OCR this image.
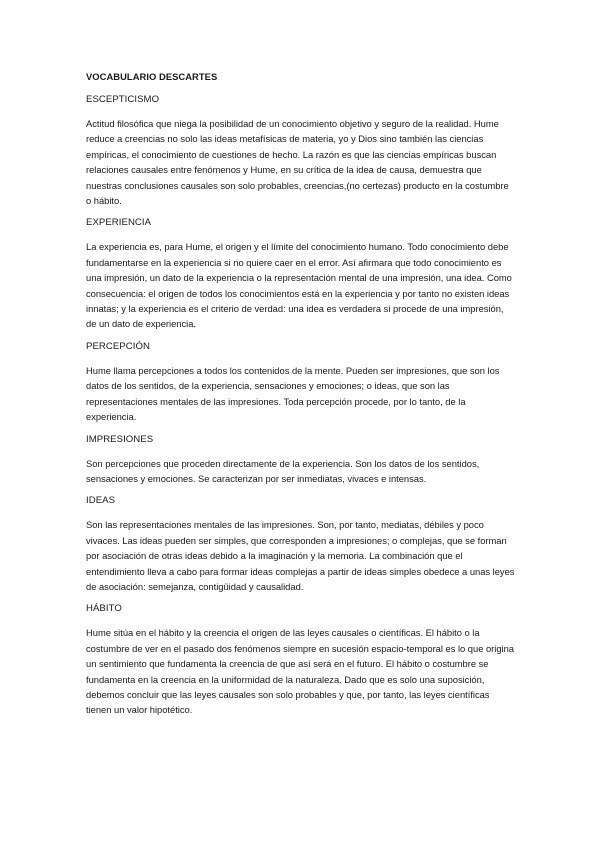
VOCABULARIO DESCARTES
ESCEPTICISMO
Actitud filosófica que niega la posibilidad de un conocimiento objetivo y seguro de la realidad. Hume reduce a creencias no solo las ideas metafísicas de materia, yo y Dios sino también las ciencias empíricas, el conocimiento de cuestiones de hecho. La razón es que las ciencias empíricas buscan relaciones causales entre fenómenos y Hume, en su crítica de la idea de causa, demuestra que nuestras conclusiones causales son solo probables, creencias,(no certezas) producto en la costumbre o hábito.
EXPERIENCIA
La experiencia es, para Hume, el origen y el límite del conocimiento humano. Todo conocimiento debe fundamentarse en la experiencia si no quiere caer en el error. Así afirmara que todo conocimiento es una impresión, un dato de la experiencia o la representación mental de una impresión, una idea. Como consecuencia: el origen de todos los conocimientos está en la experiencia y por tanto no existen ideas innatas; y la experiencia es el criterio de verdad: una idea es verdadera si procede de una impresión, de un dato de experiencia.
PERCEPCIÓN
Hume llama percepciones a todos los contenidos de la mente. Pueden ser impresiones, que son los datos de los sentidos, de la experiencia, sensaciones y emociones; o ideas, que son las representaciones mentales de las impresiones. Toda percepción procede, por lo tanto, de la experiencia.
IMPRESIONES
Son percepciones que proceden directamente de la experiencia. Son los datos de los sentidos, sensaciones y emociones. Se caracterizan por ser inmediatas, vivaces e intensas.
IDEAS
Son las representaciones mentales de las impresiones. Son, por tanto, mediatas, débiles y poco vivaces. Las ideas pueden ser simples, que corresponden a impresiones; o complejas, que se forman por asociación de otras ideas debido a la imaginación y la memoria. La combinación que el entendimiento lleva a cabo para formar ideas complejas a partir de ideas simples obedece a unas leyes de asociación: semejanza, contigüidad y causalidad.
HÁBITO
Hume sitúa en el hábito y la creencia el origen de las leyes causales o científicas. El hábito o la costumbre de ver en el pasado dos fenómenos siempre en sucesión espacio-temporal es lo que origina un sentimiento que fundamenta la creencia de que así será en el futuro. El hábito o costumbre se fundamenta en la creencia en la uniformidad de la naturaleza. Dado que es solo una suposición, debemos concluir que las leyes causales son solo probables y que, por tanto, las leyes científicas tienen un valor hipotético.
